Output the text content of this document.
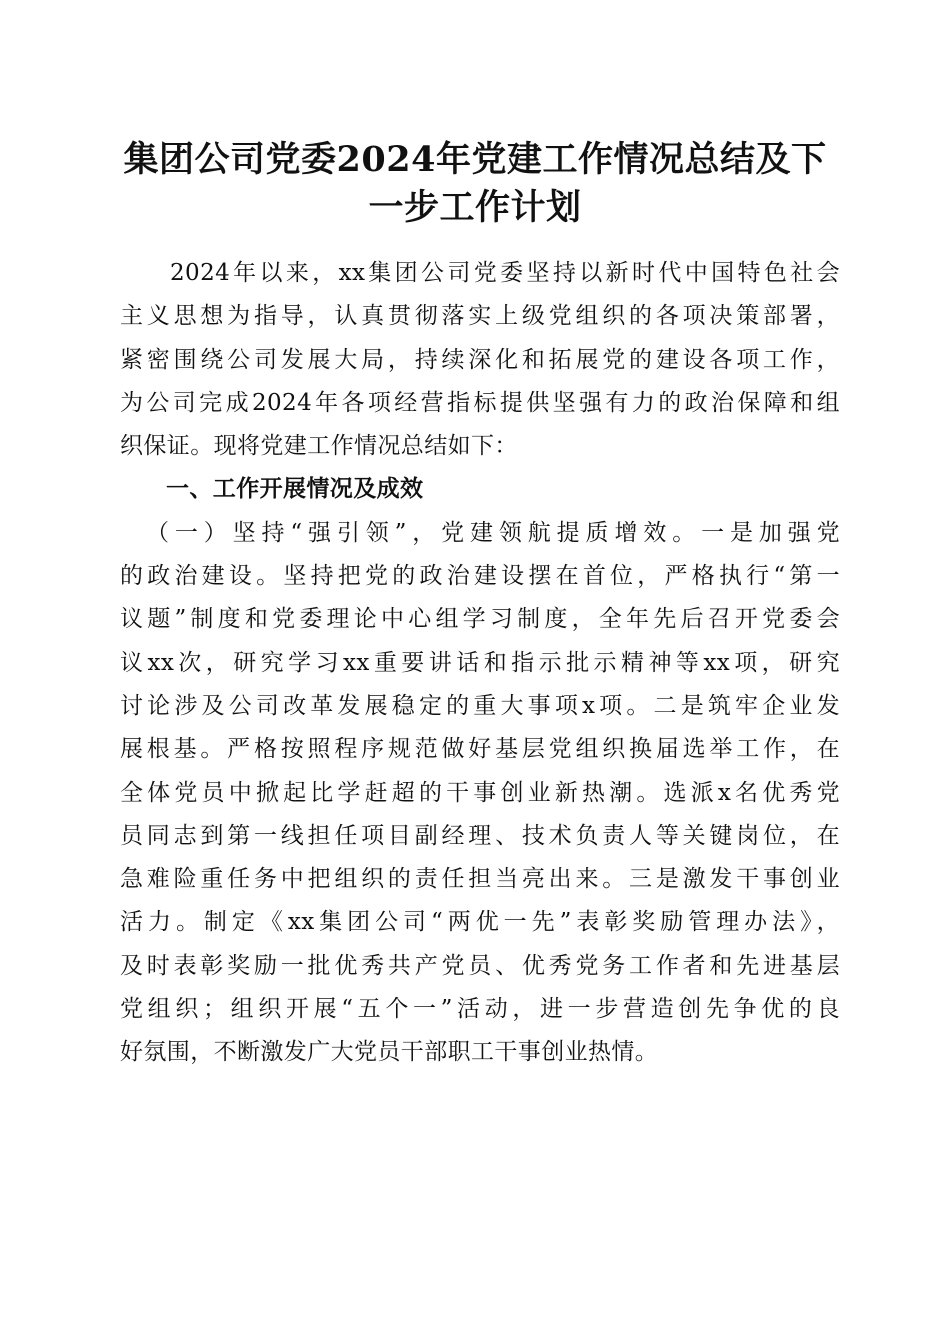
集团公司党委2024年党建工作情况总结及下
一步工作计划
2024年以来，xx集团公司党委坚持以新时代中国特色社会
主义思想为指导，认真贯彻落实上级党组织的各项决策部署，
紧密围绕公司发展大局，持续深化和拓展党的建设各项工作，
为公司完成2024年各项经营指标提供坚强有力的政治保障和组
织保证。现将党建工作情况总结如下：
一、工作开展情况及成效
（一）坚持“强引领”，党建领航提质增效。一是加强党
的政治建设。坚持把党的政治建设摆在首位，严格执行“第一
议题”制度和党委理论中心组学习制度，全年先后召开党委会
议xx次，研究学习xx重要讲话和指示批示精神等xx项，研究
讨论涉及公司改革发展稳定的重大事项x项。二是筑牢企业发
展根基。严格按照程序规范做好基层党组织换届选举工作，在
全体党员中掀起比学赶超的干事创业新热潮。选派x名优秀党
员同志到第一线担任项目副经理、技术负责人等关键岗位，在
急难险重任务中把组织的责任担当亮出来。三是激发干事创业
活力。制定《xx集团公司“两优一先”表彰奖励管理办法》，
及时表彰奖励一批优秀共产党员、优秀党务工作者和先进基层
党组织；组织开展“五个一”活动，进一步营造创先争优的良
好氛围，不断激发广大党员干部职工干事创业热情。
